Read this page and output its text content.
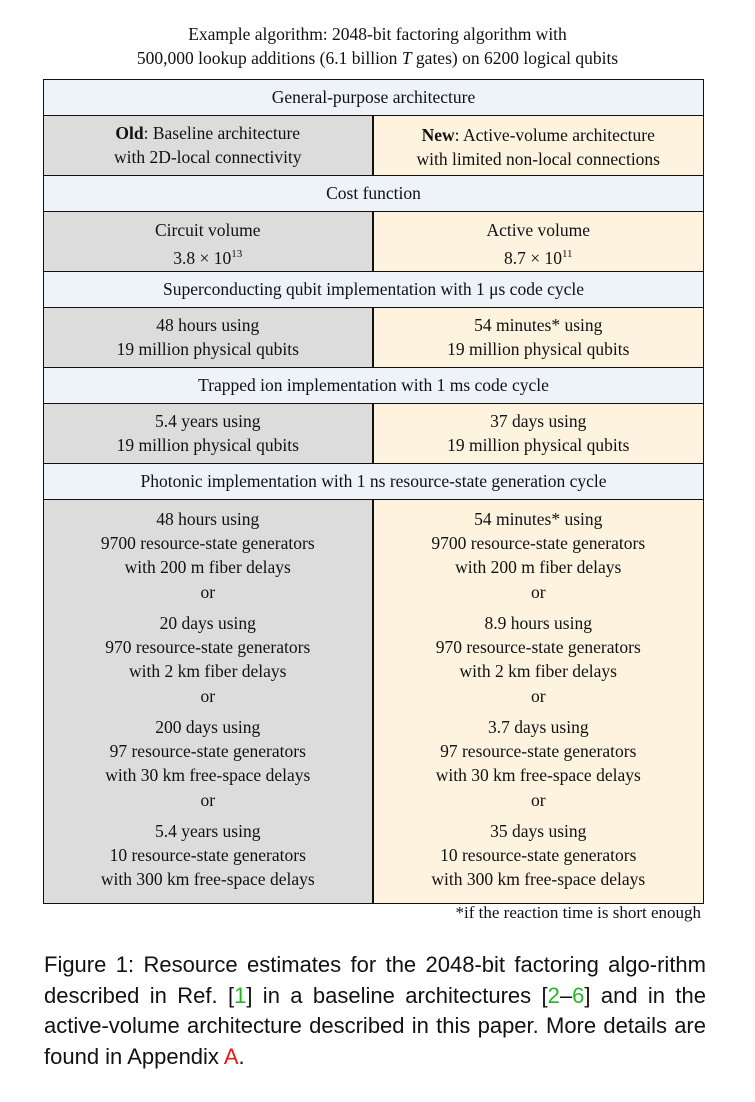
Example algorithm: 2048-bit factoring algorithm with
500,000 lookup additions (6.1 billion T gates) on 6200 logical qubits
General-purpose architecture
Old: Baseline architecture
with 2D-local connectivity
New: Active-volume architecture
with limited non-local connections
Cost function
Circuit volume
$3.8 \times 10^{13}$
Active volume
$8.7 \times 10^{11}$
Superconducting qubit implementation with 1 μs code cycle
48 hours using
19 million physical qubits
54 minutes* using
19 million physical qubits
Trapped ion implementation with 1 ms code cycle
5.4 years using
19 million physical qubits
37 days using
19 million physical qubits
Photonic implementation with 1 ns resource-state generation cycle
48 hours using
9700 resource-state generators
with 200 m fiber delays
or
20 days using
970 resource-state generators
with 2 km fiber delays
or
200 days using
97 resource-state generators
with 30 km free-space delays
or
5.4 years using
10 resource-state generators
with 300 km free-space delays
54 minutes* using
9700 resource-state generators
with 200 m fiber delays
or
8.9 hours using
970 resource-state generators
with 2 km fiber delays
or
3.7 days using
97 resource-state generators
with 30 km free-space delays
or
35 days using
10 resource-state generators
with 300 km free-space delays
*if the reaction time is short enough
Figure 1: Resource estimates for the 2048-bit factoring algo-rithm described in Ref. [1] in a baseline architectures [2–6] and in the active-volume architecture described in this paper. More details are found in Appendix A.
